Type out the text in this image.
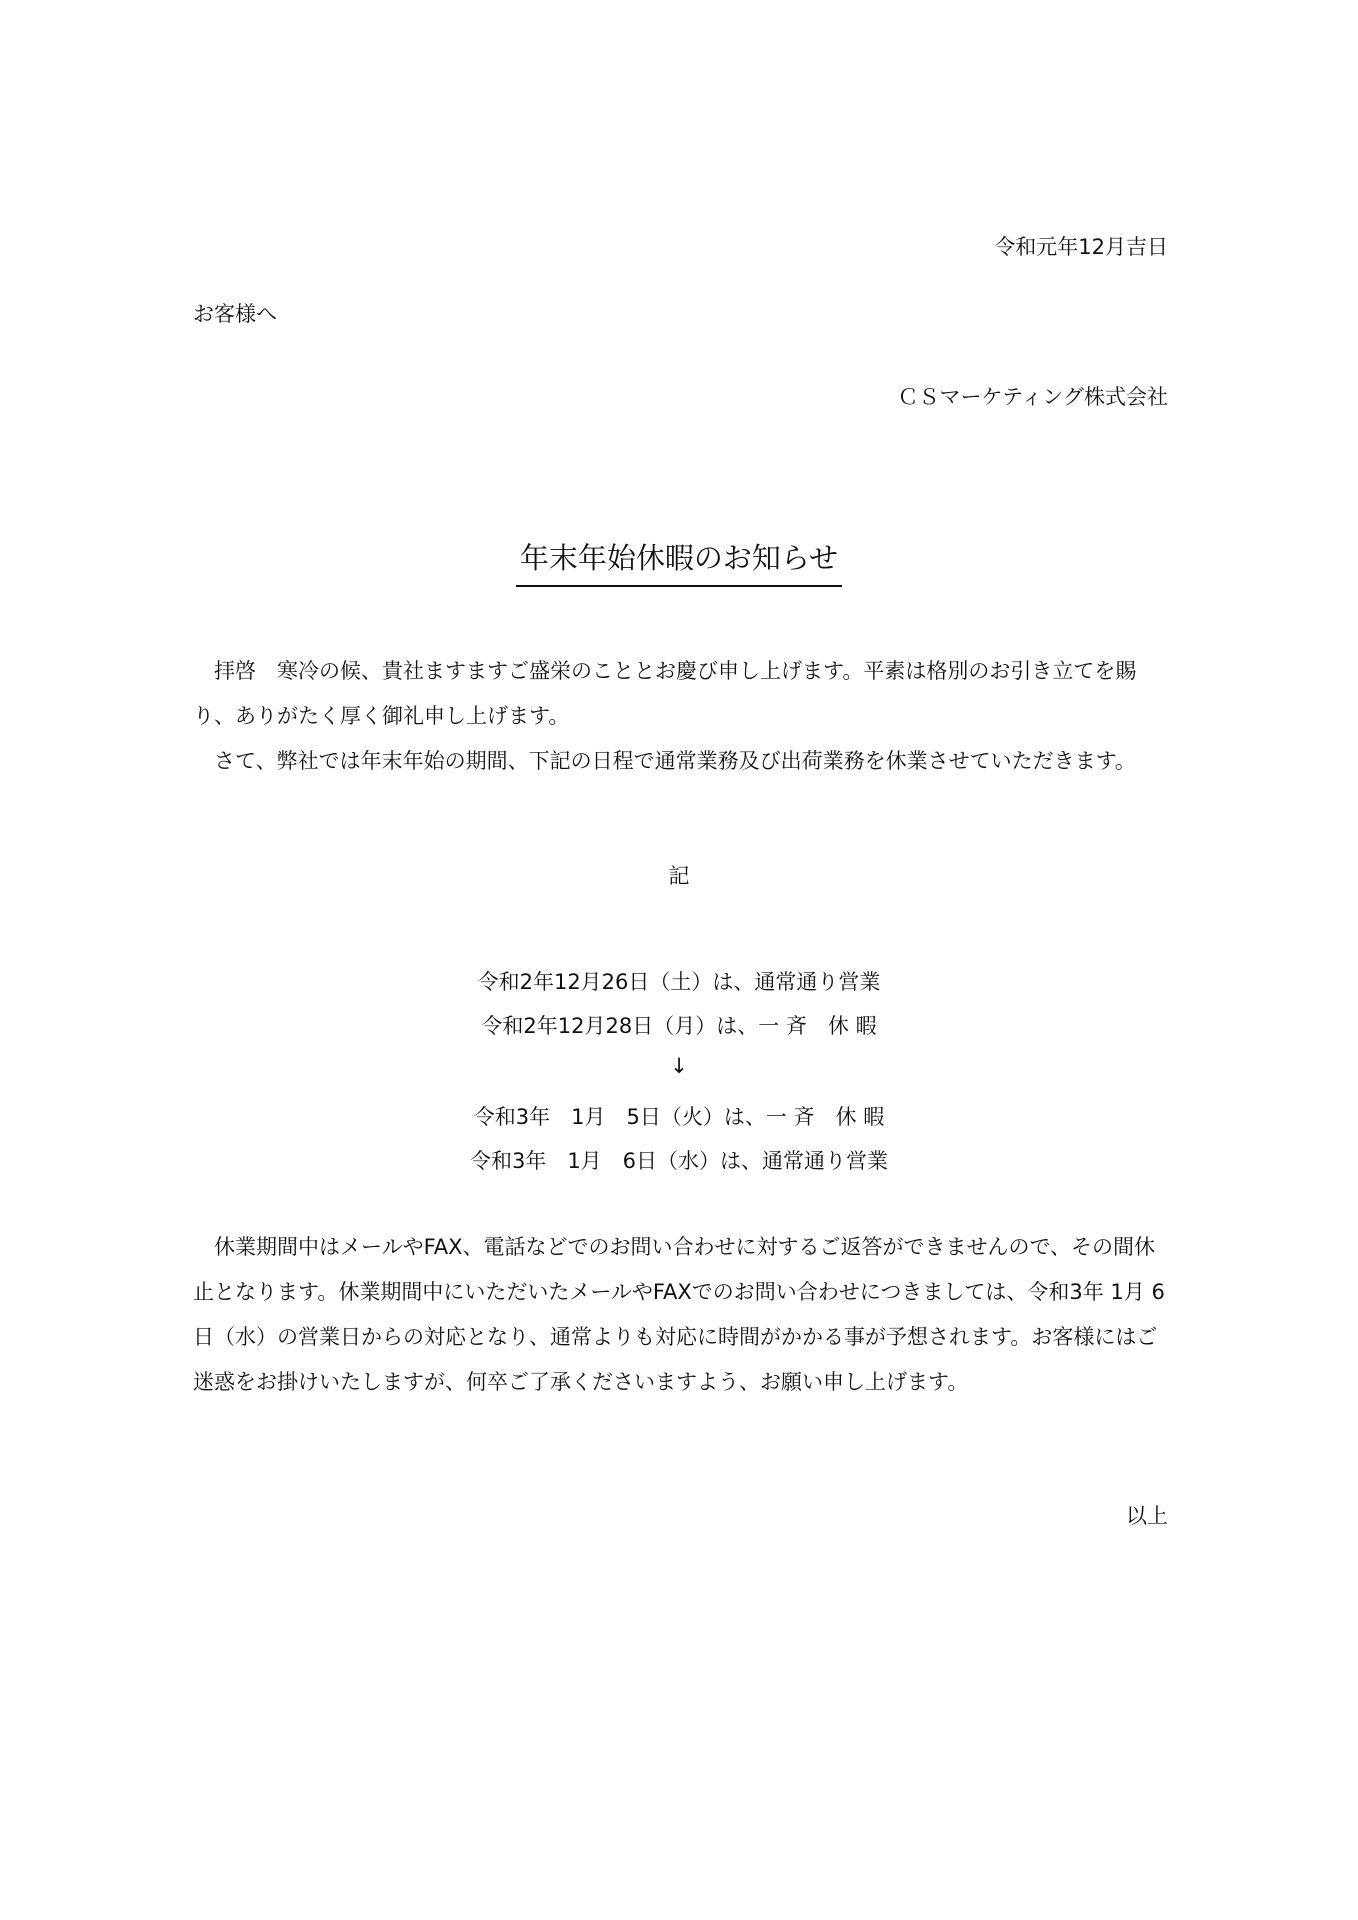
令和元年12月吉日
お客様へ
ＣＳマーケティング株式会社
年末年始休暇のお知らせ
拝啓　寒冷の候、貴社ますますご盛栄のこととお慶び申し上げます。平素は格別のお引き立てを賜り、ありがたく厚く御礼申し上げます。
さて、弊社では年末年始の期間、下記の日程で通常業務及び出荷業務を休業させていただきます。
記
令和2年12月26日（土）は、通常通り営業
令和2年12月28日（月）は、一 斉　休 暇
↓
令和3年　1月　5日（火）は、一 斉　休 暇
令和3年　1月　6日（水）は、通常通り営業
休業期間中はメールやFAX、電話などでのお問い合わせに対するご返答ができませんので、その間休止となります。休業期間中にいただいたメールやFAXでのお問い合わせにつきましては、令和3年 1月 6日（水）の営業日からの対応となり、通常よりも対応に時間がかかる事が予想されます。お客様にはご迷惑をお掛けいたしますが、何卒ご了承くださいますよう、お願い申し上げます。
以上
